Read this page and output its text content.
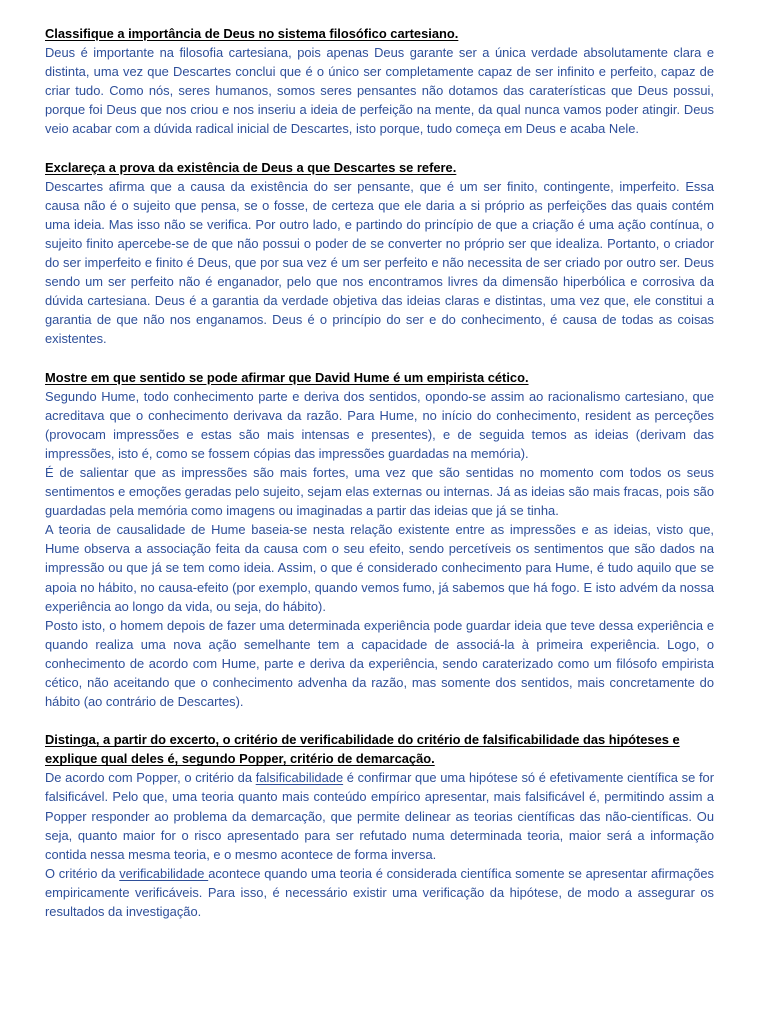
Classifique a importância de Deus no sistema filosófico cartesiano.

Deus é importante na filosofia cartesiana, pois apenas Deus garante ser a única verdade absolutamente clara e distinta, uma vez que Descartes conclui que é o único ser completamente capaz de ser infinito e perfeito, capaz de criar tudo. Como nós, seres humanos, somos seres pensantes não dotamos das caraterísticas que Deus possui, porque foi Deus que nos criou e nos inseriu a ideia de perfeição na mente, da qual nunca vamos poder atingir. Deus veio acabar com a dúvida radical inicial de Descartes, isto porque, tudo começa em Deus e acaba Nele.

Exclareça a prova da existência de Deus a que Descartes se refere.

Descartes afirma que a causa da existência do ser pensante, que é um ser finito, contingente, imperfeito. Essa causa não é o sujeito que pensa, se o fosse, de certeza que ele daria a si próprio as perfeições das quais contém uma ideia. Mas isso não se verifica. Por outro lado, e partindo do princípio de que a criação é uma ação contínua, o sujeito finito apercebe-se de que não possui o poder de se converter no próprio ser que idealiza. Portanto, o criador do ser imperfeito e finito é Deus, que por sua vez é um ser perfeito e não necessita de ser criado por outro ser. Deus sendo um ser perfeito não é enganador, pelo que nos encontramos livres da dimensão hiperbólica e corrosiva da dúvida cartesiana. Deus é a garantia da verdade objetiva das ideias claras e distintas, uma vez que, ele constitui a garantia de que não nos enganamos. Deus é o princípio do ser e do conhecimento, é causa de todas as coisas existentes.

Mostre em que sentido se pode afirmar que David Hume é um empirista cético.

Segundo Hume, todo conhecimento parte e deriva dos sentidos, opondo-se assim ao racionalismo cartesiano, que acreditava que o conhecimento derivava da razão. Para Hume, no início do conhecimento, resident as perceções (provocam impressões e estas são mais intensas e presentes), e de seguida temos as ideias (derivam das impressões, isto é, como se fossem cópias das impressões guardadas na memória).

É de salientar que as impressões são mais fortes, uma vez que são sentidas no momento com todos os seus sentimentos e emoções geradas pelo sujeito, sejam elas externas ou internas. Já as ideias são mais fracas, pois são guardadas pela memória como imagens ou imaginadas a partir das ideias que já se tinha.

A teoria de causalidade de Hume baseia-se nesta relação existente entre as impressões e as ideias, visto que, Hume observa a associação feita da causa com o seu efeito, sendo percetíveis os sentimentos que são dados na impressão ou que já se tem como ideia. Assim, o que é considerado conhecimento para Hume, é tudo aquilo que se apoia no hábito, no causa-efeito (por exemplo, quando vemos fumo, já sabemos que há fogo. E isto advém da nossa experiência ao longo da vida, ou seja, do hábito).

Posto isto, o homem depois de fazer uma determinada experiência pode guardar ideia que teve dessa experiência e quando realiza uma nova ação semelhante tem a capacidade de associá-la à primeira experiência. Logo, o conhecimento de acordo com Hume, parte e deriva da experiência, sendo caraterizado como um filósofo empirista cético, não aceitando que o conhecimento advenha da razão, mas somente dos sentidos, mais concretamente do hábito (ao contrário de Descartes).

Distinga, a partir do excerto, o critério de verificabilidade do critério de falsificabilidade das hipóteses e explique qual deles é, segundo Popper, critério de demarcação.

De acordo com Popper, o critério da falsificabilidade é confirmar que uma hipótese só é efetivamente científica se for falsificável. Pelo que, uma teoria quanto mais conteúdo empírico apresentar, mais falsificável é, permitindo assim a Popper responder ao problema da demarcação, que permite delinear as teorias científicas das não-científicas. Ou seja, quanto maior for o risco apresentado para ser refutado numa determinada teoria, maior será a informação contida nessa mesma teoria, e o mesmo acontece de forma inversa.

O critério da verificabilidade acontece quando uma teoria é considerada científica somente se apresentar afirmações empiricamente verificáveis. Para isso, é necessário existir uma verificação da hipótese, de modo a assegurar os resultados da investigação.
